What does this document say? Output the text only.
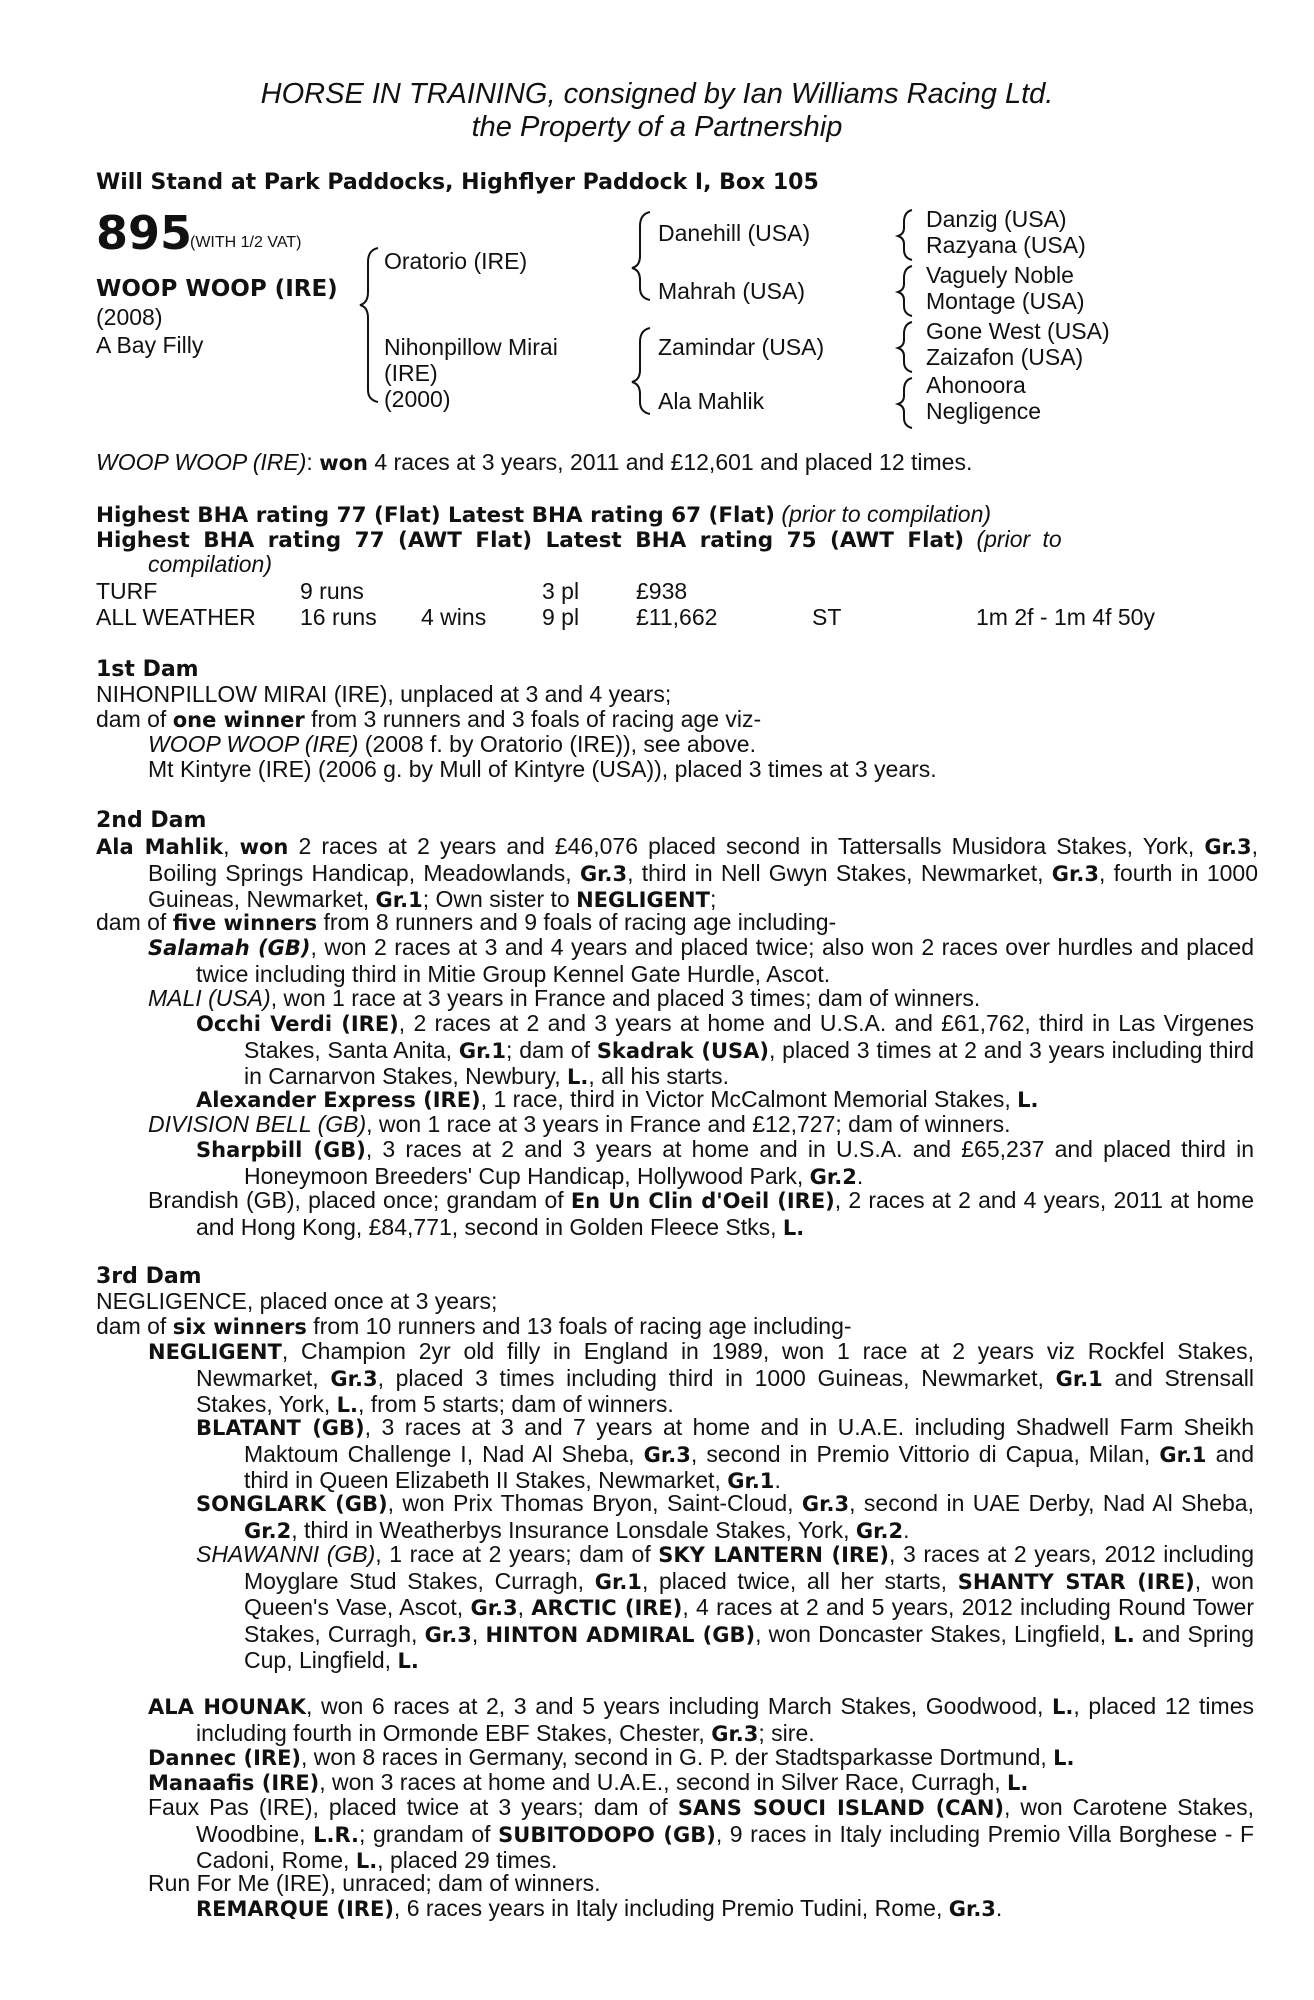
HORSE IN TRAINING, consigned by Ian Williams Racing Ltd.
the Property of a Partnership
Will Stand at Park Paddocks, Highflyer Paddock I, Box 105
895
(WITH 1/2 VAT)
WOOP WOOP (IRE)
(2008)
A Bay Filly
Oratorio (IRE)
Nihonpillow Mirai
(IRE)
(2000)
Danehill (USA)
Mahrah (USA)
Zamindar (USA)
Ala Mahlik
Danzig (USA)
Razyana (USA)
Vaguely Noble
Montage (USA)
Gone West (USA)
Zaizafon (USA)
Ahonoora
Negligence
WOOP WOOP (IRE): won 4 races at 3 years, 2011 and £12,601 and placed 12 times.
Highest BHA rating 77 (Flat) Latest BHA rating 67 (Flat) (prior to compilation)
Highest BHA rating 77 (AWT Flat) Latest BHA rating 75 (AWT Flat) (prior to
compilation)
TURF	9 runs	3 pl £938
ALL WEATHER 16 runs 4 wins 9 pl £11,662	ST	1m 2f - 1m 4f 50y
1st Dam
NIHONPILLOW MIRAI (IRE), unplaced at 3 and 4 years;
dam of one winner from 3 runners and 3 foals of racing age viz-
WOOP WOOP (IRE) (2008 f. by Oratorio (IRE)), see above.
Mt Kintyre (IRE) (2006 g. by Mull of Kintyre (USA)), placed 3 times at 3 years.
2nd Dam

Ala Mahlik, won 2 races at 2 years and £46,076 placed second in Tattersalls Musidora Stakes, York, Gr.3, Boiling Springs Handicap, Meadowlands, Gr.3, third in Nell Gwyn Stakes, Newmarket, Gr.3, fourth in 1000 Guineas, Newmarket, Gr.1; Own sister to NEGLIGENT;

dam of five winners from 8 runners and 9 foals of racing age including-

Salamah (GB), won 2 races at 3 and 4 years and placed twice; also won 2 races over hurdles and placed twice including third in Mitie Group Kennel Gate Hurdle, Ascot.

MALI (USA), won 1 race at 3 years in France and placed 3 times; dam of winners.

Occhi Verdi (IRE), 2 races at 2 and 3 years at home and U.S.A. and £61,762, third in Las Virgenes Stakes, Santa Anita, Gr.1; dam of Skadrak (USA), placed 3 times at 2 and 3 years including third in Carnarvon Stakes, Newbury, L., all his starts.

Alexander Express (IRE), 1 race, third in Victor McCalmont Memorial Stakes, L.

DIVISION BELL (GB), won 1 race at 3 years in France and £12,727; dam of winners.

Sharpbill (GB), 3 races at 2 and 3 years at home and in U.S.A. and £65,237 and placed third in Honeymoon Breeders' Cup Handicap, Hollywood Park, Gr.2.

Brandish (GB), placed once; grandam of En Un Clin d'Oeil (IRE), 2 races at 2 and 4 years, 2011 at home and Hong Kong, £84,771, second in Golden Fleece Stks, L.

3rd Dam

NEGLIGENCE, placed once at 3 years;

dam of six winners from 10 runners and 13 foals of racing age including-

NEGLIGENT, Champion 2yr old filly in England in 1989, won 1 race at 2 years viz Rockfel Stakes, Newmarket, Gr.3, placed 3 times including third in 1000 Guineas, Newmarket, Gr.1 and Strensall Stakes, York, L., from 5 starts; dam of winners.

BLATANT (GB), 3 races at 3 and 7 years at home and in U.A.E. including Shadwell Farm Sheikh Maktoum Challenge I, Nad Al Sheba, Gr.3, second in Premio Vittorio di Capua, Milan, Gr.1 and third in Queen Elizabeth II Stakes, Newmarket, Gr.1.

SONGLARK (GB), won Prix Thomas Bryon, Saint-Cloud, Gr.3, second in UAE Derby, Nad Al Sheba, Gr.2, third in Weatherbys Insurance Lonsdale Stakes, York, Gr.2.

SHAWANNI (GB), 1 race at 2 years; dam of SKY LANTERN (IRE), 3 races at 2 years, 2012 including Moyglare Stud Stakes, Curragh, Gr.1, placed twice, all her starts, SHANTY STAR (IRE), won Queen's Vase, Ascot, Gr.3, ARCTIC (IRE), 4 races at 2 and 5 years, 2012 including Round Tower Stakes, Curragh, Gr.3, HINTON ADMIRAL (GB), won Doncaster Stakes, Lingfield, L. and Spring Cup, Lingfield, L.

ALA HOUNAK, won 6 races at 2, 3 and 5 years including March Stakes, Goodwood, L., placed 12 times including fourth in Ormonde EBF Stakes, Chester, Gr.3; sire.

Dannec (IRE), won 8 races in Germany, second in G. P. der Stadtsparkasse Dortmund, L.

Manaafis (IRE), won 3 races at home and U.A.E., second in Silver Race, Curragh, L.

Faux Pas (IRE), placed twice at 3 years; dam of SANS SOUCI ISLAND (CAN), won Carotene Stakes, Woodbine, L.R.; grandam of SUBITODOPO (GB), 9 races in Italy including Premio Villa Borghese - F Cadoni, Rome, L., placed 29 times.

Run For Me (IRE), unraced; dam of winners.

REMARQUE (IRE), 6 races years in Italy including Premio Tudini, Rome, Gr.3.
